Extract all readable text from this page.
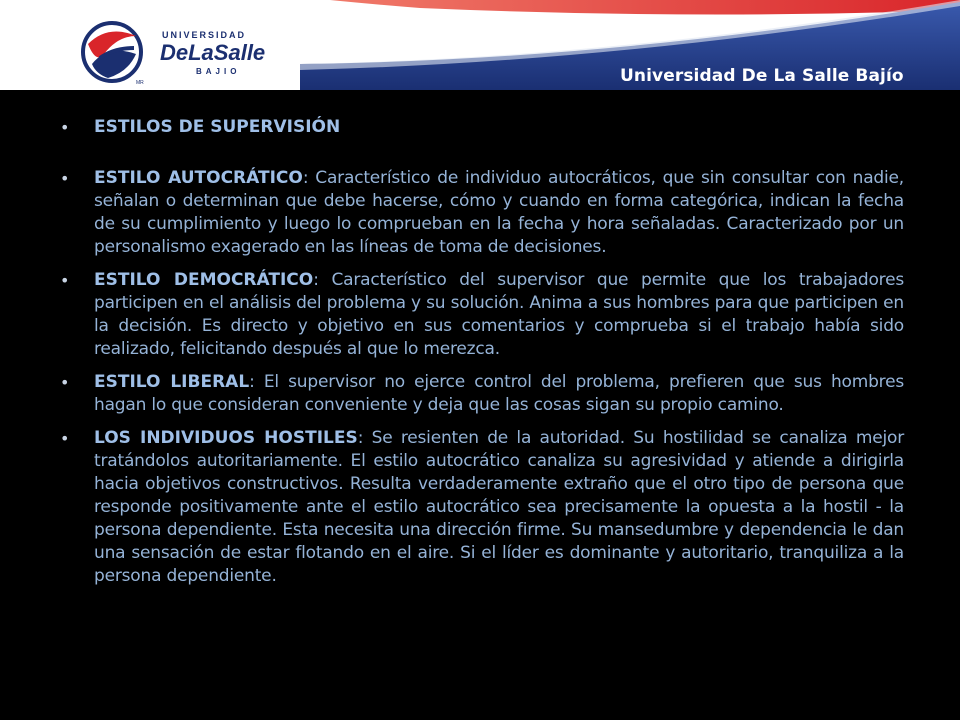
MR
UNIVERSIDAD
DeLaSalle
BAJIO	Universidad De La Salle Bajío
• ESTILOS DE SUPERVISIÓN
• ESTILO AUTOCRÁTICO: Característico de individuo autocráticos, que sin consultar con nadie, señalan o determinan que debe hacerse, cómo y cuando en forma categórica, indican la fecha de su cumplimiento y luego lo comprueban en la fecha y hora señaladas. Caracterizado por un personalismo exagerado en las líneas de toma de decisiones.
• ESTILO DEMOCRÁTICO: Característico del supervisor que permite que los trabajadores participen en el análisis del problema y su solución. Anima a sus hombres para que participen en la decisión. Es directo y objetivo en sus comentarios y comprueba si el trabajo había sido realizado, felicitando después al que lo merezca.
• ESTILO LIBERAL: El supervisor no ejerce control del problema, prefieren que sus hombres hagan lo que consideran conveniente y deja que las cosas sigan su propio camino.
• LOS INDIVIDUOS HOSTILES: Se resienten de la autoridad. Su hostilidad se canaliza mejor tratándolos autoritariamente. El estilo autocrático canaliza su agresividad y atiende a dirigirla hacia objetivos constructivos. Resulta verdaderamente extraño que el otro tipo de persona que responde positivamente ante el estilo autocrático sea precisamente la opuesta a la hostil - la persona dependiente. Esta necesita una dirección firme. Su mansedumbre y dependencia le dan una sensación de estar flotando en el aire. Si el líder es dominante y autoritario, tranquiliza a la persona dependiente.
